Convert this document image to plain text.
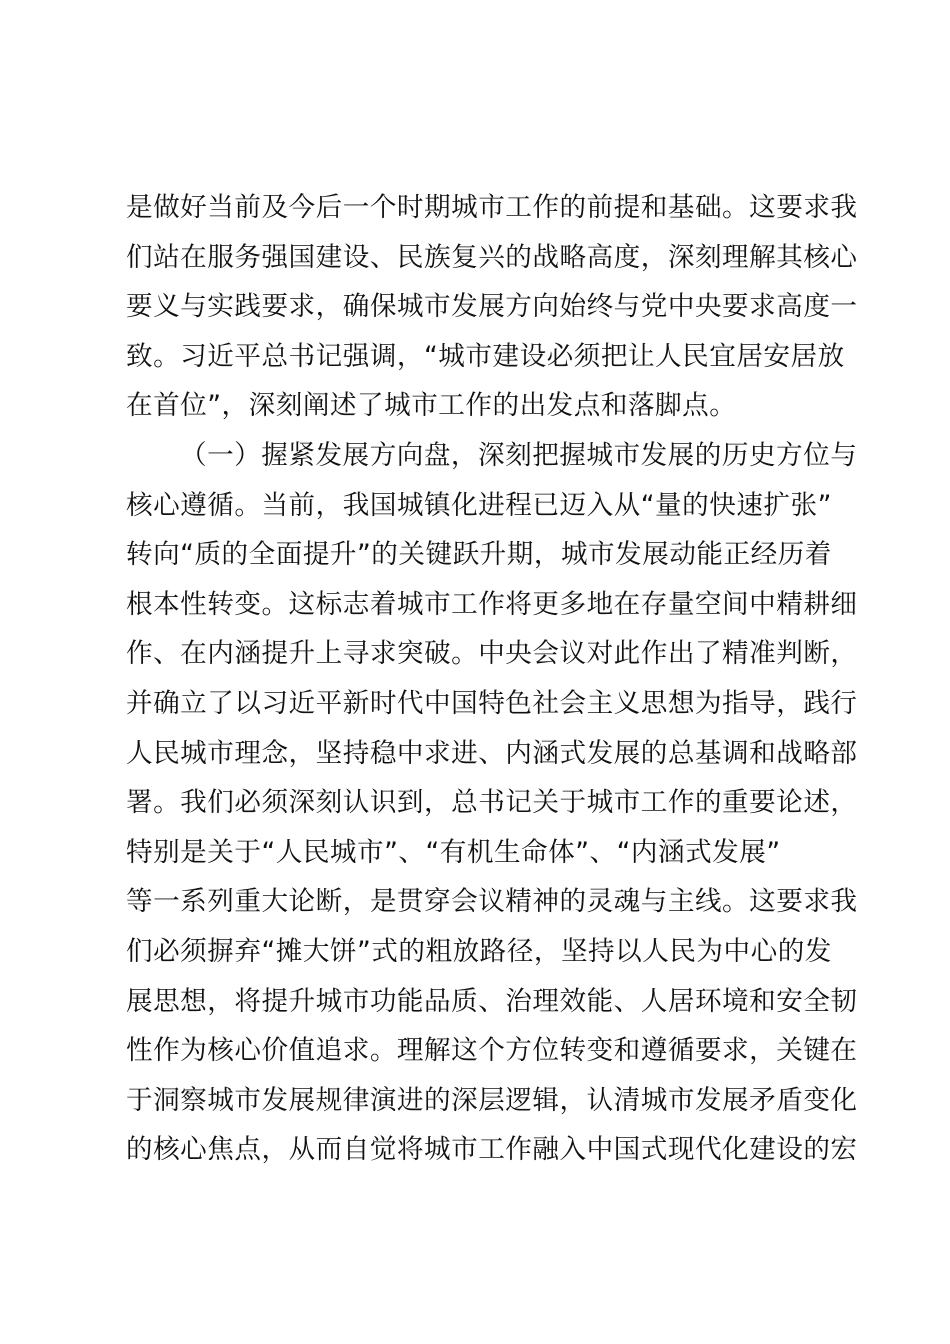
是做好当前及今后一个时期城市工作的前提和基础。这要求我
们站在服务强国建设、民族复兴的战略高度，深刻理解其核心
要义与实践要求，确保城市发展方向始终与党中央要求高度一
致。习近平总书记强调，“城市建设必须把让人民宜居安居放
在首位”，深刻阐述了城市工作的出发点和落脚点。
（一）握紧发展方向盘，深刻把握城市发展的历史方位与
核心遵循。当前，我国城镇化进程已迈入从“量的快速扩张”
转向“质的全面提升”的关键跃升期，城市发展动能正经历着
根本性转变。这标志着城市工作将更多地在存量空间中精耕细
作、在内涵提升上寻求突破。中央会议对此作出了精准判断，
并确立了以习近平新时代中国特色社会主义思想为指导，践行
人民城市理念，坚持稳中求进、内涵式发展的总基调和战略部
署。我们必须深刻认识到，总书记关于城市工作的重要论述，
特别是关于“人民城市”、“有机生命体”、“内涵式发展”
等一系列重大论断，是贯穿会议精神的灵魂与主线。这要求我
们必须摒弃“摊大饼”式的粗放路径，坚持以人民为中心的发
展思想，将提升城市功能品质、治理效能、人居环境和安全韧
性作为核心价值追求。理解这个方位转变和遵循要求，关键在
于洞察城市发展规律演进的深层逻辑，认清城市发展矛盾变化
的核心焦点，从而自觉将城市工作融入中国式现代化建设的宏
